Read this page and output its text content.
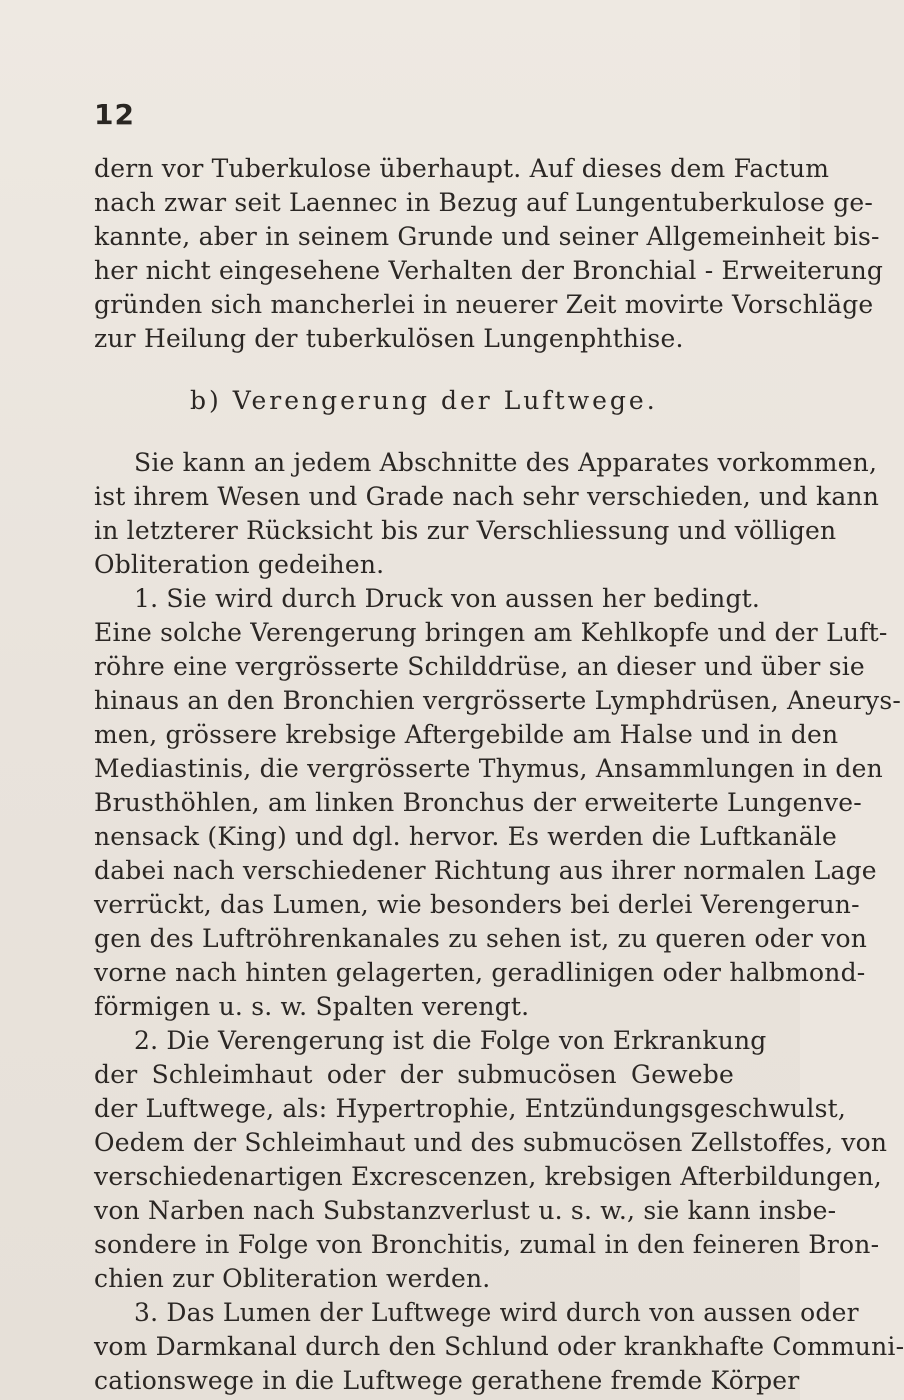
12
dern vor Tuberkulose überhaupt. Auf dieses dem Factum
nach zwar seit Laennec in Bezug auf Lungentuberkulose ge-
kannte, aber in seinem Grunde und seiner Allgemeinheit bis-
her nicht eingesehene Verhalten der Bronchial - Erweiterung
gründen sich mancherlei in neuerer Zeit movirte Vorschläge
zur Heilung der tuberkulösen Lungenphthise.
b) Verengerung der Luftwege.
Sie kann an jedem Abschnitte des Apparates vorkommen,
ist ihrem Wesen und Grade nach sehr verschieden, und kann
in letzterer Rücksicht bis zur Verschliessung und völligen
Obliteration gedeihen.
1. Sie wird durch Druck von aussen her bedingt.
Eine solche Verengerung bringen am Kehlkopfe und der Luft-
röhre eine vergrösserte Schilddrüse, an dieser und über sie
hinaus an den Bronchien vergrösserte Lymphdrüsen, Aneurys-
men, grössere krebsige Aftergebilde am Halse und in den
Mediastinis, die vergrösserte Thymus, Ansammlungen in den
Brusthöhlen, am linken Bronchus der erweiterte Lungenve-
nensack (King) und dgl. hervor. Es werden die Luftkanäle
dabei nach verschiedener Richtung aus ihrer normalen Lage
verrückt, das Lumen, wie besonders bei derlei Verengerun-
gen des Luftröhrenkanales zu sehen ist, zu queren oder von
vorne nach hinten gelagerten, geradlinigen oder halbmond-
förmigen u. s. w. Spalten verengt.
2. Die Verengerung ist die Folge von Erkrankung
der Schleimhaut oder der submucösen Gewebe
der Luftwege, als: Hypertrophie, Entzündungsgeschwulst,
Oedem der Schleimhaut und des submucösen Zellstoffes, von
verschiedenartigen Excrescenzen, krebsigen Afterbildungen,
von Narben nach Substanzverlust u. s. w., sie kann insbe-
sondere in Folge von Bronchitis, zumal in den feineren Bron-
chien zur Obliteration werden.
3. Das Lumen der Luftwege wird durch von aussen oder
vom Darmkanal durch den Schlund oder krankhafte Communi-
cationswege in die Luftwege gerathene fremde Körper
